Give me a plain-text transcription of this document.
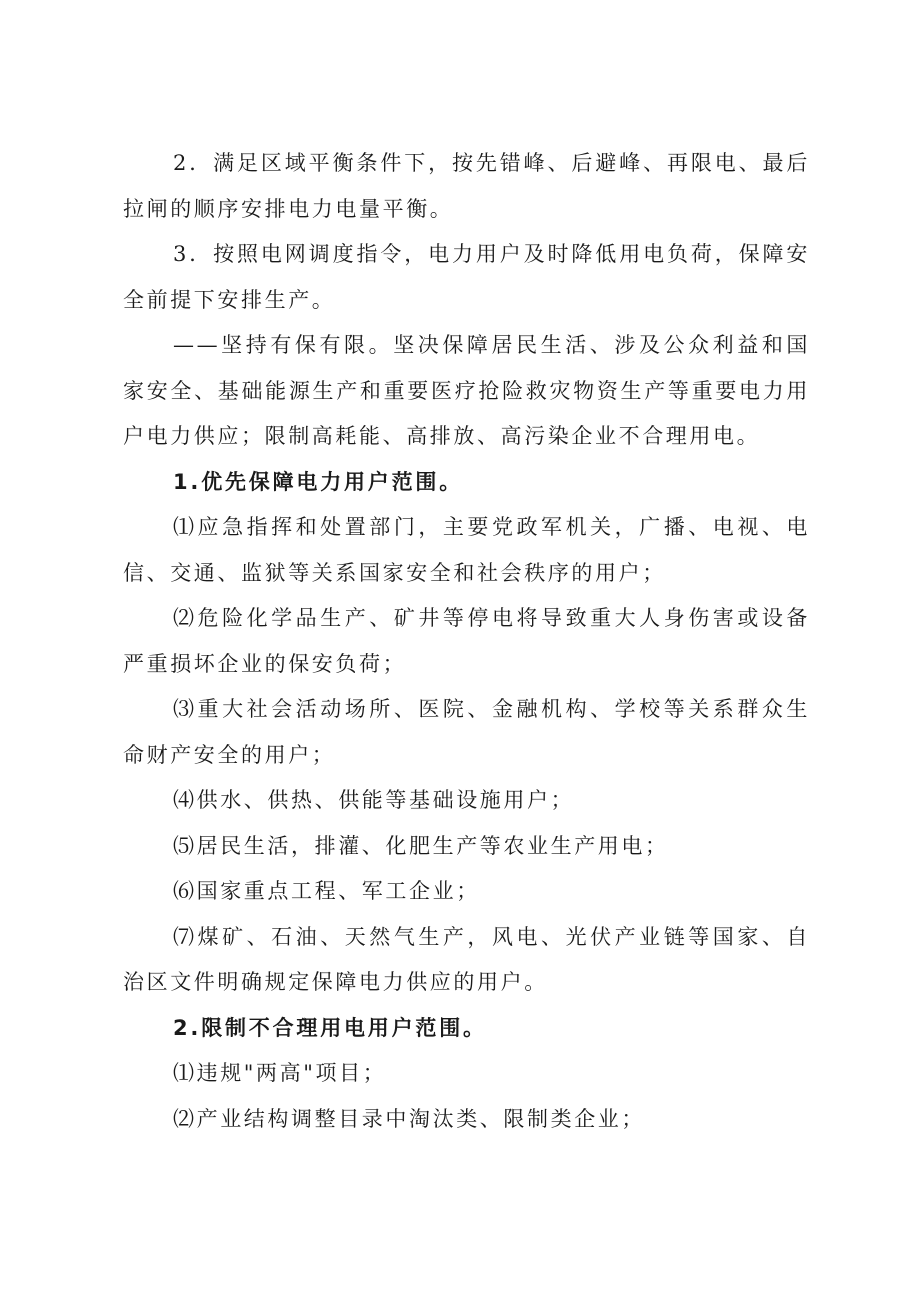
2．满足区域平衡条件下，按先错峰、后避峰、再限电、最后拉闸的顺序安排电力电量平衡。

3．按照电网调度指令，电力用户及时降低用电负荷，保障安全前提下安排生产。

——坚持有保有限。坚决保障居民生活、涉及公众利益和国家安全、基础能源生产和重要医疗抢险救灾物资生产等重要电力用户电力供应；限制高耗能、高排放、高污染企业不合理用电。

1.优先保障电力用户范围。

⑴应急指挥和处置部门，主要党政军机关，广播、电视、电信、交通、监狱等关系国家安全和社会秩序的用户；

⑵危险化学品生产、矿井等停电将导致重大人身伤害或设备严重损坏企业的保安负荷；

⑶重大社会活动场所、医院、金融机构、学校等关系群众生命财产安全的用户；

⑷供水、供热、供能等基础设施用户；

⑸居民生活，排灌、化肥生产等农业生产用电；

⑹国家重点工程、军工企业；

⑺煤矿、石油、天然气生产，风电、光伏产业链等国家、自治区文件明确规定保障电力供应的用户。

2.限制不合理用电用户范围。

⑴违规"两高"项目；

⑵产业结构调整目录中淘汰类、限制类企业；
